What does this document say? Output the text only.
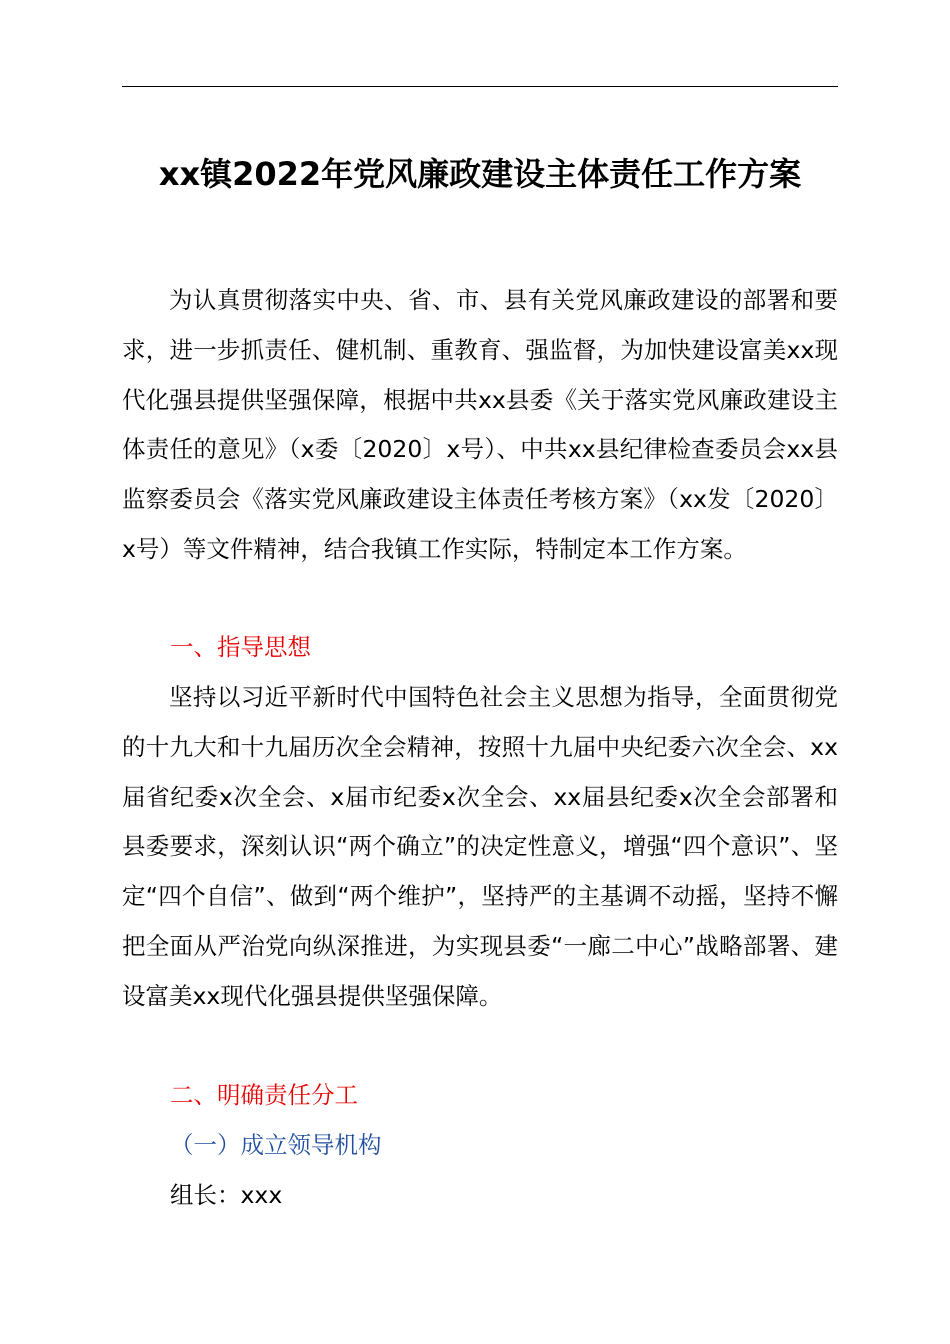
xx镇2022年党风廉政建设主体责任工作方案

为认真贯彻落实中央、省、市、县有关党风廉政建设的部署和要求，进一步抓责任、健机制、重教育、强监督，为加快建设富美xx现代化强县提供坚强保障，根据中共xx县委《关于落实党风廉政建设主体责任的意见》（x委〔2020〕x号）、中共xx县纪律检查委员会xx县监察委员会《落实党风廉政建设主体责任考核方案》（xx发〔2020〕x号）等文件精神，结合我镇工作实际，特制定本工作方案。

一、指导思想

坚持以习近平新时代中国特色社会主义思想为指导，全面贯彻党的十九大和十九届历次全会精神，按照十九届中央纪委六次全会、xx届省纪委x次全会、x届市纪委x次全会、xx届县纪委x次全会部署和县委要求，深刻认识“两个确立”的决定性意义，增强“四个意识”、坚定“四个自信”、做到“两个维护”，坚持严的主基调不动摇，坚持不懈把全面从严治党向纵深推进，为实现县委“一廊二中心”战略部署、建设富美xx现代化强县提供坚强保障。

二、明确责任分工

（一）成立领导机构

组长：xxx
